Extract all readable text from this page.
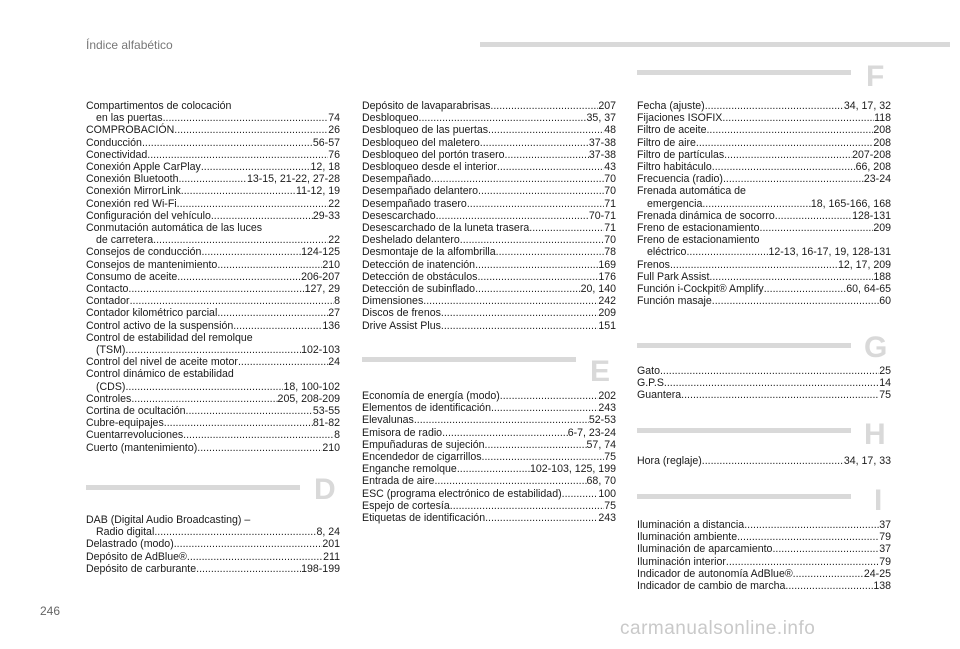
Índice alfabético
Compartimentos de colocación
en las puertas .....	74
COMPROBACIÓN .....	26
Conducción .....	56-57
Conectividad .....	76
Conexión Apple CarPlay .....	12, 18
Conexión Bluetooth .....	13-15, 21-22, 27-28
Conexión MirrorLink .....	11-12, 19
Conexión red Wi-Fi .....	22
Configuración del vehículo .....	29-33
Conmutación automática de las luces
de carretera .....	22
Consejos de conducción .....	124-125
Consejos de mantenimiento .....	210
Consumo de aceite .....	206-207
Contacto .....	127, 29
Contador .....	8
Contador kilométrico parcial .....	27
Control activo de la suspensión .....	136
Control de estabilidad del remolque
(TSM) .....	102-103
Control del nivel de aceite motor .....	24
Control dinámico de estabilidad
(CDS) .....	18, 100-102
Controles .....	205, 208-209
Cortina de ocultación .....	53-55
Cubre-equipajes .....	81-82
Cuentarrevoluciones .....	8
Cuerto (mantenimiento) .....	210
D
DAB (Digital Audio Broadcasting) –
Radio digital .....	8, 24
Delastrado (modo) .....	201
Depósito de AdBlue® .....	211
Depósito de carburante .....	198-199
Depósito de lavaparabrisas .....	207
Desbloqueo .....	35, 37
Desbloqueo de las puertas .....	48
Desbloqueo del maletero .....	37-38
Desbloqueo del portón trasero .....	37-38
Desbloqueo desde el interior .....	43
Desempañado .....	70
Desempañado delantero .....	70
Desempañado trasero .....	71
Desescarchado .....	70-71
Desescarchado de la luneta trasera .....	71
Deshelado delantero .....	70
Desmontaje de la alfombrilla .....	78
Detección de inatención .....	169
Detección de obstáculos .....	176
Detección de subinflado .....	20, 140
Dimensiones .....	242
Discos de frenos .....	209
Drive Assist Plus .....	151
E
Economía de energía (modo) .....	202
Elementos de identificación .....	243
Elevalunas .....	52-53
Emisora de radio .....	6-7, 23-24
Empuñaduras de sujeción .....	57, 74
Encendedor de cigarrillos .....	75
Enganche remolque .....	102-103, 125, 199
Entrada de aire .....	68, 70
ESC (programa electrónico de estabilidad) .....	100
Espejo de cortesía .....	75
Etiquetas de identificación .....	243
F
Fecha (ajuste) .....	34, 17, 32
Fijaciones ISOFIX .....	118
Filtro de aceite .....	208
Filtro de aire .....	208
Filtro de partículas .....	207-208
Filtro habitáculo .....	66, 208
Frecuencia (radio) .....	23-24
Frenada automática de
emergencia .....	18, 165-166, 168
Frenada dinámica de socorro .....	128-131
Freno de estacionamiento .....	209
Freno de estacionamiento
eléctrico .....	12-13, 16-17, 19, 128-131
Frenos .....	12, 17, 209
Full Park Assist .....	188
Función i-Cockpit® Amplify .....	60, 64-65
Función masaje .....	60
G
Gato .....	25
G.P.S. .....	14
Guantera .....	75
H
Hora (reglaje) .....	34, 17, 33
I
Iluminación a distancia .....	37
Iluminación ambiente .....	79
Iluminación de aparcamiento .....	37
Iluminación interior .....	79
Indicador de autonomía AdBlue® .....	24-25
Indicador de cambio de marcha .....	138
246
carmanualsonline.info
